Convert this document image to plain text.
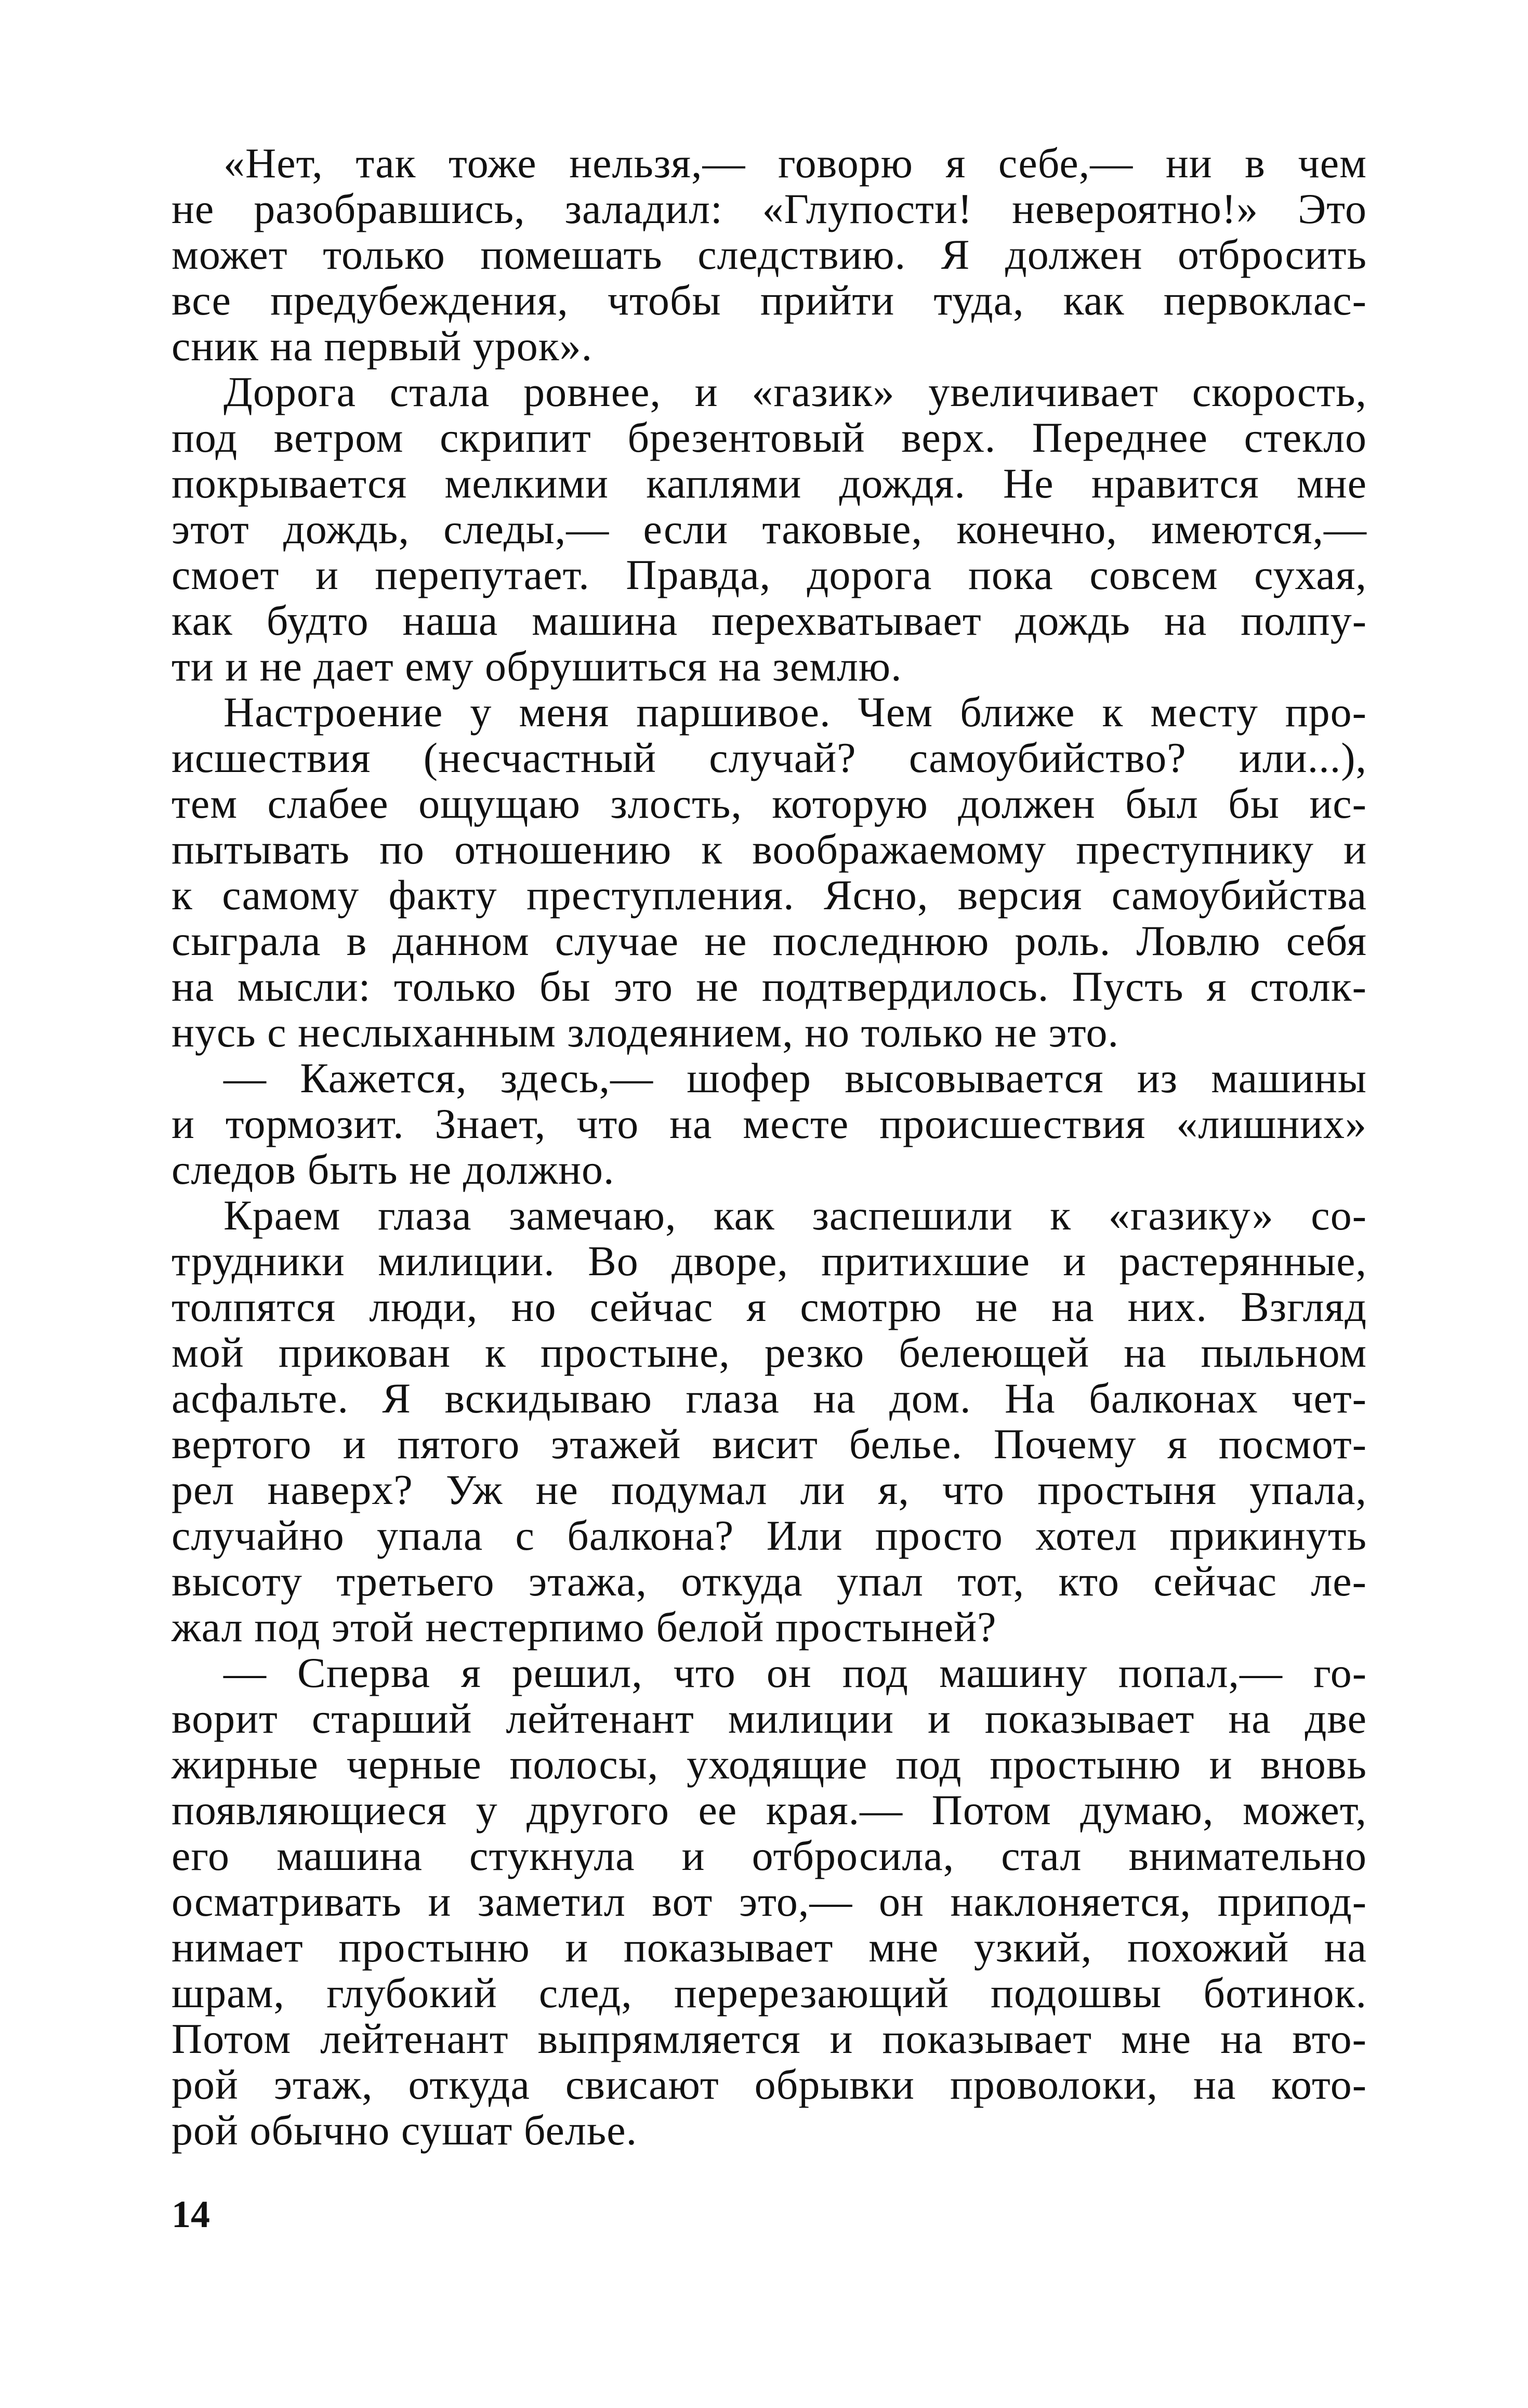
«Нет, так тоже нельзя,— говорю я себе,— ни в чем
не разобравшись, заладил: «Глупости! невероятно!» Это
может только помешать следствию. Я должен отбросить
все предубеждения, чтобы прийти туда, как первоклас-
сник на первый урок».
Дорога стала ровнее, и «газик» увеличивает скорость,
под ветром скрипит брезентовый верх. Переднее стекло
покрывается мелкими каплями дождя. Не нравится мне
этот дождь, следы,— если таковые, конечно, имеются,—
смоет и перепутает. Правда, дорога пока совсем сухая,
как будто наша машина перехватывает дождь на полпу-
ти и не дает ему обрушиться на землю.
Настроение у меня паршивое. Чем ближе к месту про-
исшествия (несчастный случай? самоубийство? или...),
тем слабее ощущаю злость, которую должен был бы ис-
пытывать по отношению к воображаемому преступнику и
к самому факту преступления. Ясно, версия самоубийства
сыграла в данном случае не последнюю роль. Ловлю себя
на мысли: только бы это не подтвердилось. Пусть я столк-
нусь с неслыханным злодеянием, но только не это.
— Кажется, здесь,— шофер высовывается из машины
и тормозит. Знает, что на месте происшествия «лишних»
следов быть не должно.
Краем глаза замечаю, как заспешили к «газику» со-
трудники милиции. Во дворе, притихшие и растерянные,
толпятся люди, но сейчас я смотрю не на них. Взгляд
мой прикован к простыне, резко белеющей на пыльном
асфальте. Я вскидываю глаза на дом. На балконах чет-
вертого и пятого этажей висит белье. Почему я посмот-
рел наверх? Уж не подумал ли я, что простыня упала,
случайно упала с балкона? Или просто хотел прикинуть
высоту третьего этажа, откуда упал тот, кто сейчас ле-
жал под этой нестерпимо белой простыней?
— Сперва я решил, что он под машину попал,— го-
ворит старший лейтенант милиции и показывает на две
жирные черные полосы, уходящие под простыню и вновь
появляющиеся у другого ее края.— Потом думаю, может,
его машина стукнула и отбросила, стал внимательно
осматривать и заметил вот это,— он наклоняется, припод-
нимает простыню и показывает мне узкий, похожий на
шрам, глубокий след, перерезающий подошвы ботинок.
Потом лейтенант выпрямляется и показывает мне на вто-
рой этаж, откуда свисают обрывки проволоки, на кото-
рой обычно сушат белье.
14
